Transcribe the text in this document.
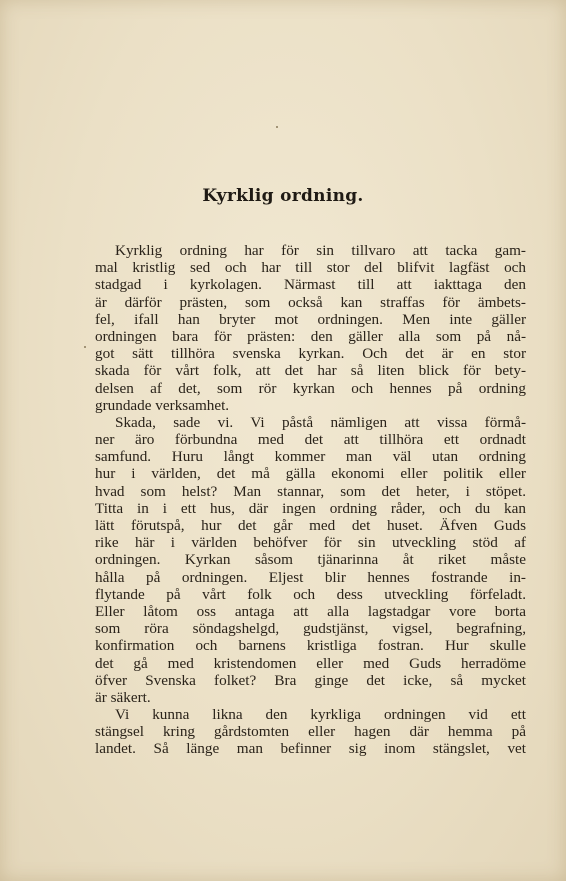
Kyrklig ordning.
Kyrklig ordning har för sin tillvaro att tacka gam-
mal kristlig sed och har till stor del blifvit lagfäst och
stadgad i kyrkolagen. Närmast till att iakttaga den
är därför prästen, som också kan straffas för ämbets-
fel, ifall han bryter mot ordningen. Men inte gäller
ordningen bara för prästen: den gäller alla som på nå-
got sätt tillhöra svenska kyrkan. Och det är en stor
skada för vårt folk, att det har så liten blick för bety-
delsen af det, som rör kyrkan och hennes på ordning
grundade verksamhet.
Skada, sade vi. Vi påstå nämligen att vissa förmå-
ner äro förbundna med det att tillhöra ett ordnadt
samfund. Huru långt kommer man väl utan ordning
hur i världen, det må gälla ekonomi eller politik eller
hvad som helst? Man stannar, som det heter, i stöpet.
Titta in i ett hus, där ingen ordning råder, och du kan
lätt förutspå, hur det går med det huset. Äfven Guds
rike här i världen behöfver för sin utveckling stöd af
ordningen. Kyrkan såsom tjänarinna åt riket måste
hålla på ordningen. Eljest blir hennes fostrande in-
flytande på vårt folk och dess utveckling förfeladt.
Eller låtom oss antaga att alla lagstadgar vore borta
som röra söndagshelgd, gudstjänst, vigsel, begrafning,
konfirmation och barnens kristliga fostran. Hur skulle
det gå med kristendomen eller med Guds herradöme
öfver Svenska folket? Bra ginge det icke, så mycket
är säkert.
Vi kunna likna den kyrkliga ordningen vid ett
stängsel kring gårdstomten eller hagen där hemma på
landet. Så länge man befinner sig inom stängslet, vet
